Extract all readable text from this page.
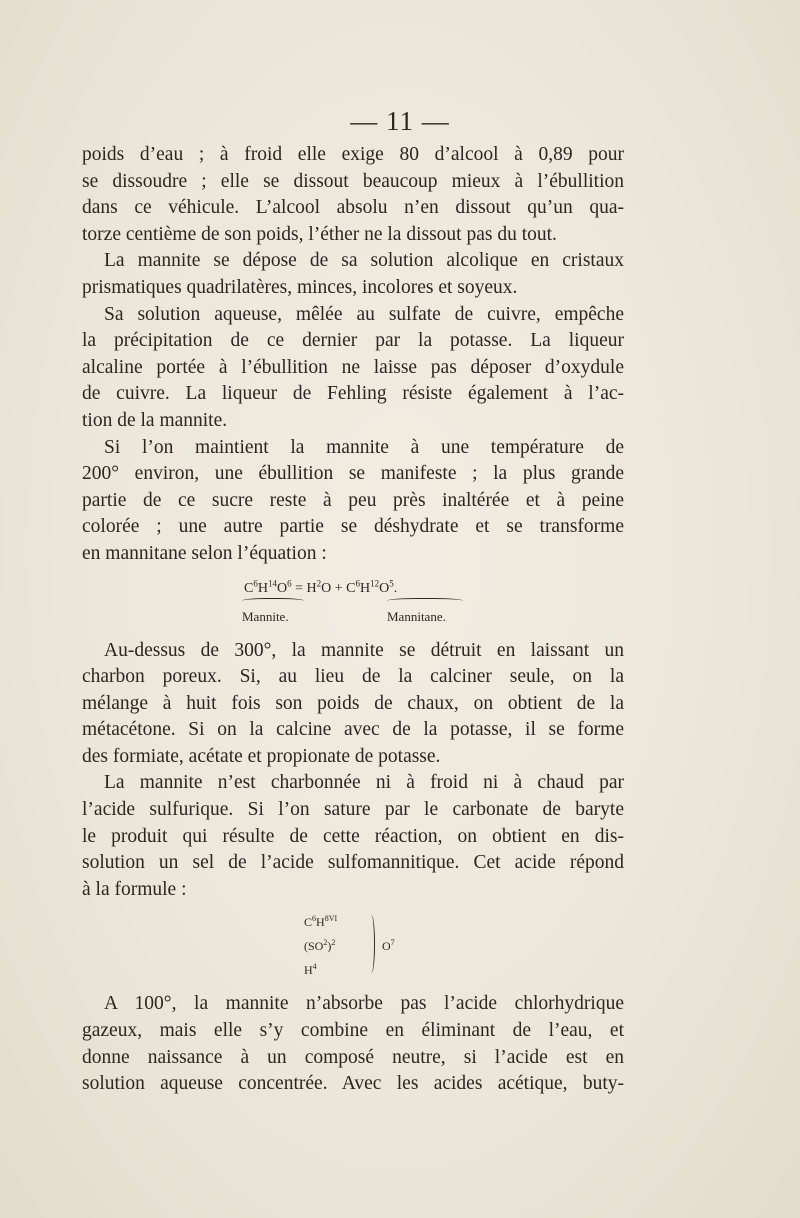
— 11 —
poids d’eau ; à froid elle exige 80 d’alcool à 0,89 pour
se dissoudre ; elle se dissout beaucoup mieux à l’ébullition
dans ce véhicule. L’alcool absolu n’en dissout qu’un qua-
torze centième de son poids, l’éther ne la dissout pas du tout.
La mannite se dépose de sa solution alcolique en cristaux
prismatiques quadrilatères, minces, incolores et soyeux.
Sa solution aqueuse, mêlée au sulfate de cuivre, empêche
la précipitation de ce dernier par la potasse. La liqueur
alcaline portée à l’ébullition ne laisse pas déposer d’oxydule
de cuivre. La liqueur de Fehling résiste également à l’ac-
tion de la mannite.
Si l’on maintient la mannite à une température de
200° environ, une ébullition se manifeste ; la plus grande
partie de ce sucre reste à peu près inaltérée et à peine
colorée ; une autre partie se déshydrate et se transforme
en mannitane selon l’équation :
$C^6H^{14}O^6 = H^2O + C^6H^{12}O^5$.
Mannite.	Mannitane.
Au-dessus de 300°, la mannite se détruit en laissant un
charbon poreux. Si, au lieu de la calciner seule, on la
mélange à huit fois son poids de chaux, on obtient de la
métacétone. Si on la calcine avec de la potasse, il se forme
des formiate, acétate et propionate de potasse.
La mannite n’est charbonnée ni à froid ni à chaud par
l’acide sulfurique. Si l’on sature par le carbonate de baryte
le produit qui résulte de cette réaction, on obtient en dis-
solution un sel de l’acide sulfomannitique. Cet acide répond
à la formule :
$C^6H^{8VI}$
$(SO^2)^2$
$H^4$
$O^7$
A 100°, la mannite n’absorbe pas l’acide chlorhydrique
gazeux, mais elle s’y combine en éliminant de l’eau, et
donne naissance à un composé neutre, si l’acide est en
solution aqueuse concentrée. Avec les acides acétique, buty-
